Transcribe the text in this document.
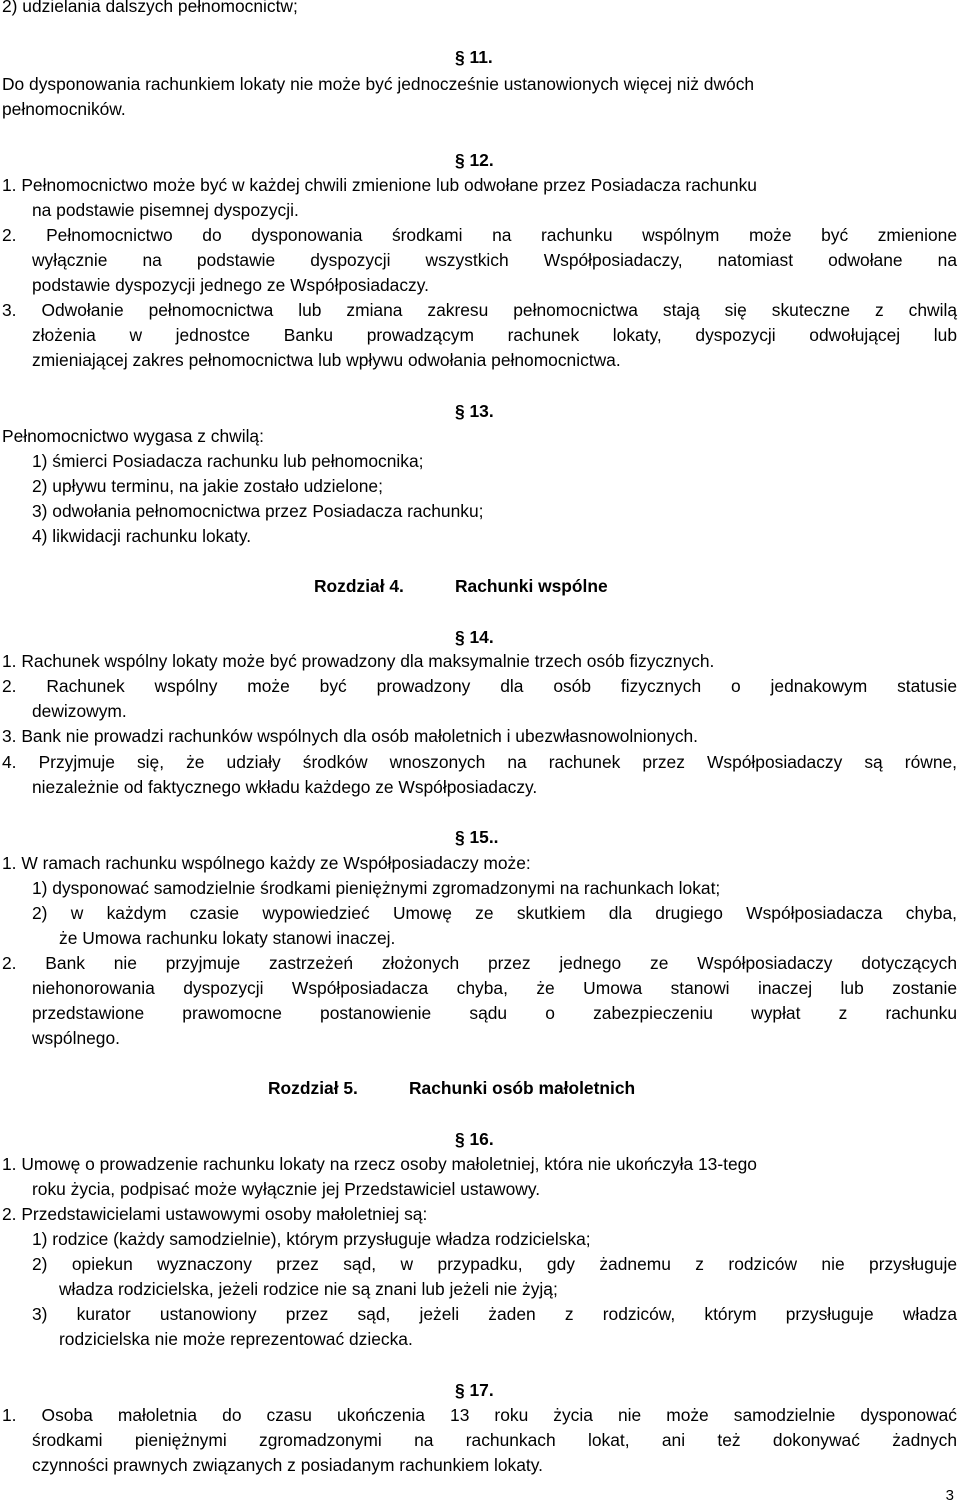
2) udzielania dalszych pełnomocnictw;
§ 11.
Do dysponowania rachunkiem lokaty nie może być jednocześnie ustanowionych więcej niż dwóch
pełnomocników.
§ 12.
1. Pełnomocnictwo może być w każdej chwili zmienione lub odwołane przez Posiadacza rachunku
na podstawie pisemnej dyspozycji.
2. Pełnomocnictwo do dysponowania środkami na rachunku wspólnym może być zmienione
wyłącznie na podstawie dyspozycji wszystkich Współposiadaczy, natomiast odwołane na
podstawie dyspozycji jednego ze Współposiadaczy.
3. Odwołanie pełnomocnictwa lub zmiana zakresu pełnomocnictwa stają się skuteczne z chwilą
złożenia w jednostce Banku prowadzącym rachunek lokaty, dyspozycji odwołującej lub
zmieniającej zakres pełnomocnictwa lub wpływu odwołania pełnomocnictwa.
§ 13.
Pełnomocnictwo wygasa z chwilą:
1) śmierci Posiadacza rachunku lub pełnomocnika;
2) upływu terminu, na jakie zostało udzielone;
3) odwołania pełnomocnictwa przez Posiadacza rachunku;
4) likwidacji rachunku lokaty.
Rozdział 4.	Rachunki wspólne
§ 14.
1. Rachunek wspólny lokaty może być prowadzony dla maksymalnie trzech osób fizycznych.
2. Rachunek wspólny może być prowadzony dla osób fizycznych o jednakowym statusie
dewizowym.
3. Bank nie prowadzi rachunków wspólnych dla osób małoletnich i ubezwłasnowolnionych.
4. Przyjmuje się, że udziały środków wnoszonych na rachunek przez Współposiadaczy są równe,
niezależnie od faktycznego wkładu każdego ze Współposiadaczy.
§ 15..
1. W ramach rachunku wspólnego każdy ze Współposiadaczy może:
1) dysponować samodzielnie środkami pieniężnymi zgromadzonymi na rachunkach lokat;
2) w każdym czasie wypowiedzieć Umowę ze skutkiem dla drugiego Współposiadacza chyba,
że Umowa rachunku lokaty stanowi inaczej.
2. Bank nie przyjmuje zastrzeżeń złożonych przez jednego ze Współposiadaczy dotyczących
niehonorowania dyspozycji Współposiadacza chyba, że Umowa stanowi inaczej lub zostanie
przedstawione prawomocne postanowienie sądu o zabezpieczeniu wypłat z rachunku
wspólnego.
Rozdział 5.	Rachunki osób małoletnich
§ 16.
1. Umowę o prowadzenie rachunku lokaty na rzecz osoby małoletniej, która nie ukończyła 13-tego
roku życia, podpisać może wyłącznie jej Przedstawiciel ustawowy.
2. Przedstawicielami ustawowymi osoby małoletniej są:
1) rodzice (każdy samodzielnie), którym przysługuje władza rodzicielska;
2) opiekun wyznaczony przez sąd, w przypadku, gdy żadnemu z rodziców nie przysługuje
władza rodzicielska, jeżeli rodzice nie są znani lub jeżeli nie żyją;
3) kurator ustanowiony przez sąd, jeżeli żaden z rodziców, którym przysługuje władza
rodzicielska nie może reprezentować dziecka.
§ 17.
1. Osoba małoletnia do czasu ukończenia 13 roku życia nie może samodzielnie dysponować
środkami pieniężnymi zgromadzonymi na rachunkach lokat, ani też dokonywać żadnych
czynności prawnych związanych z posiadanym rachunkiem lokaty.
3
